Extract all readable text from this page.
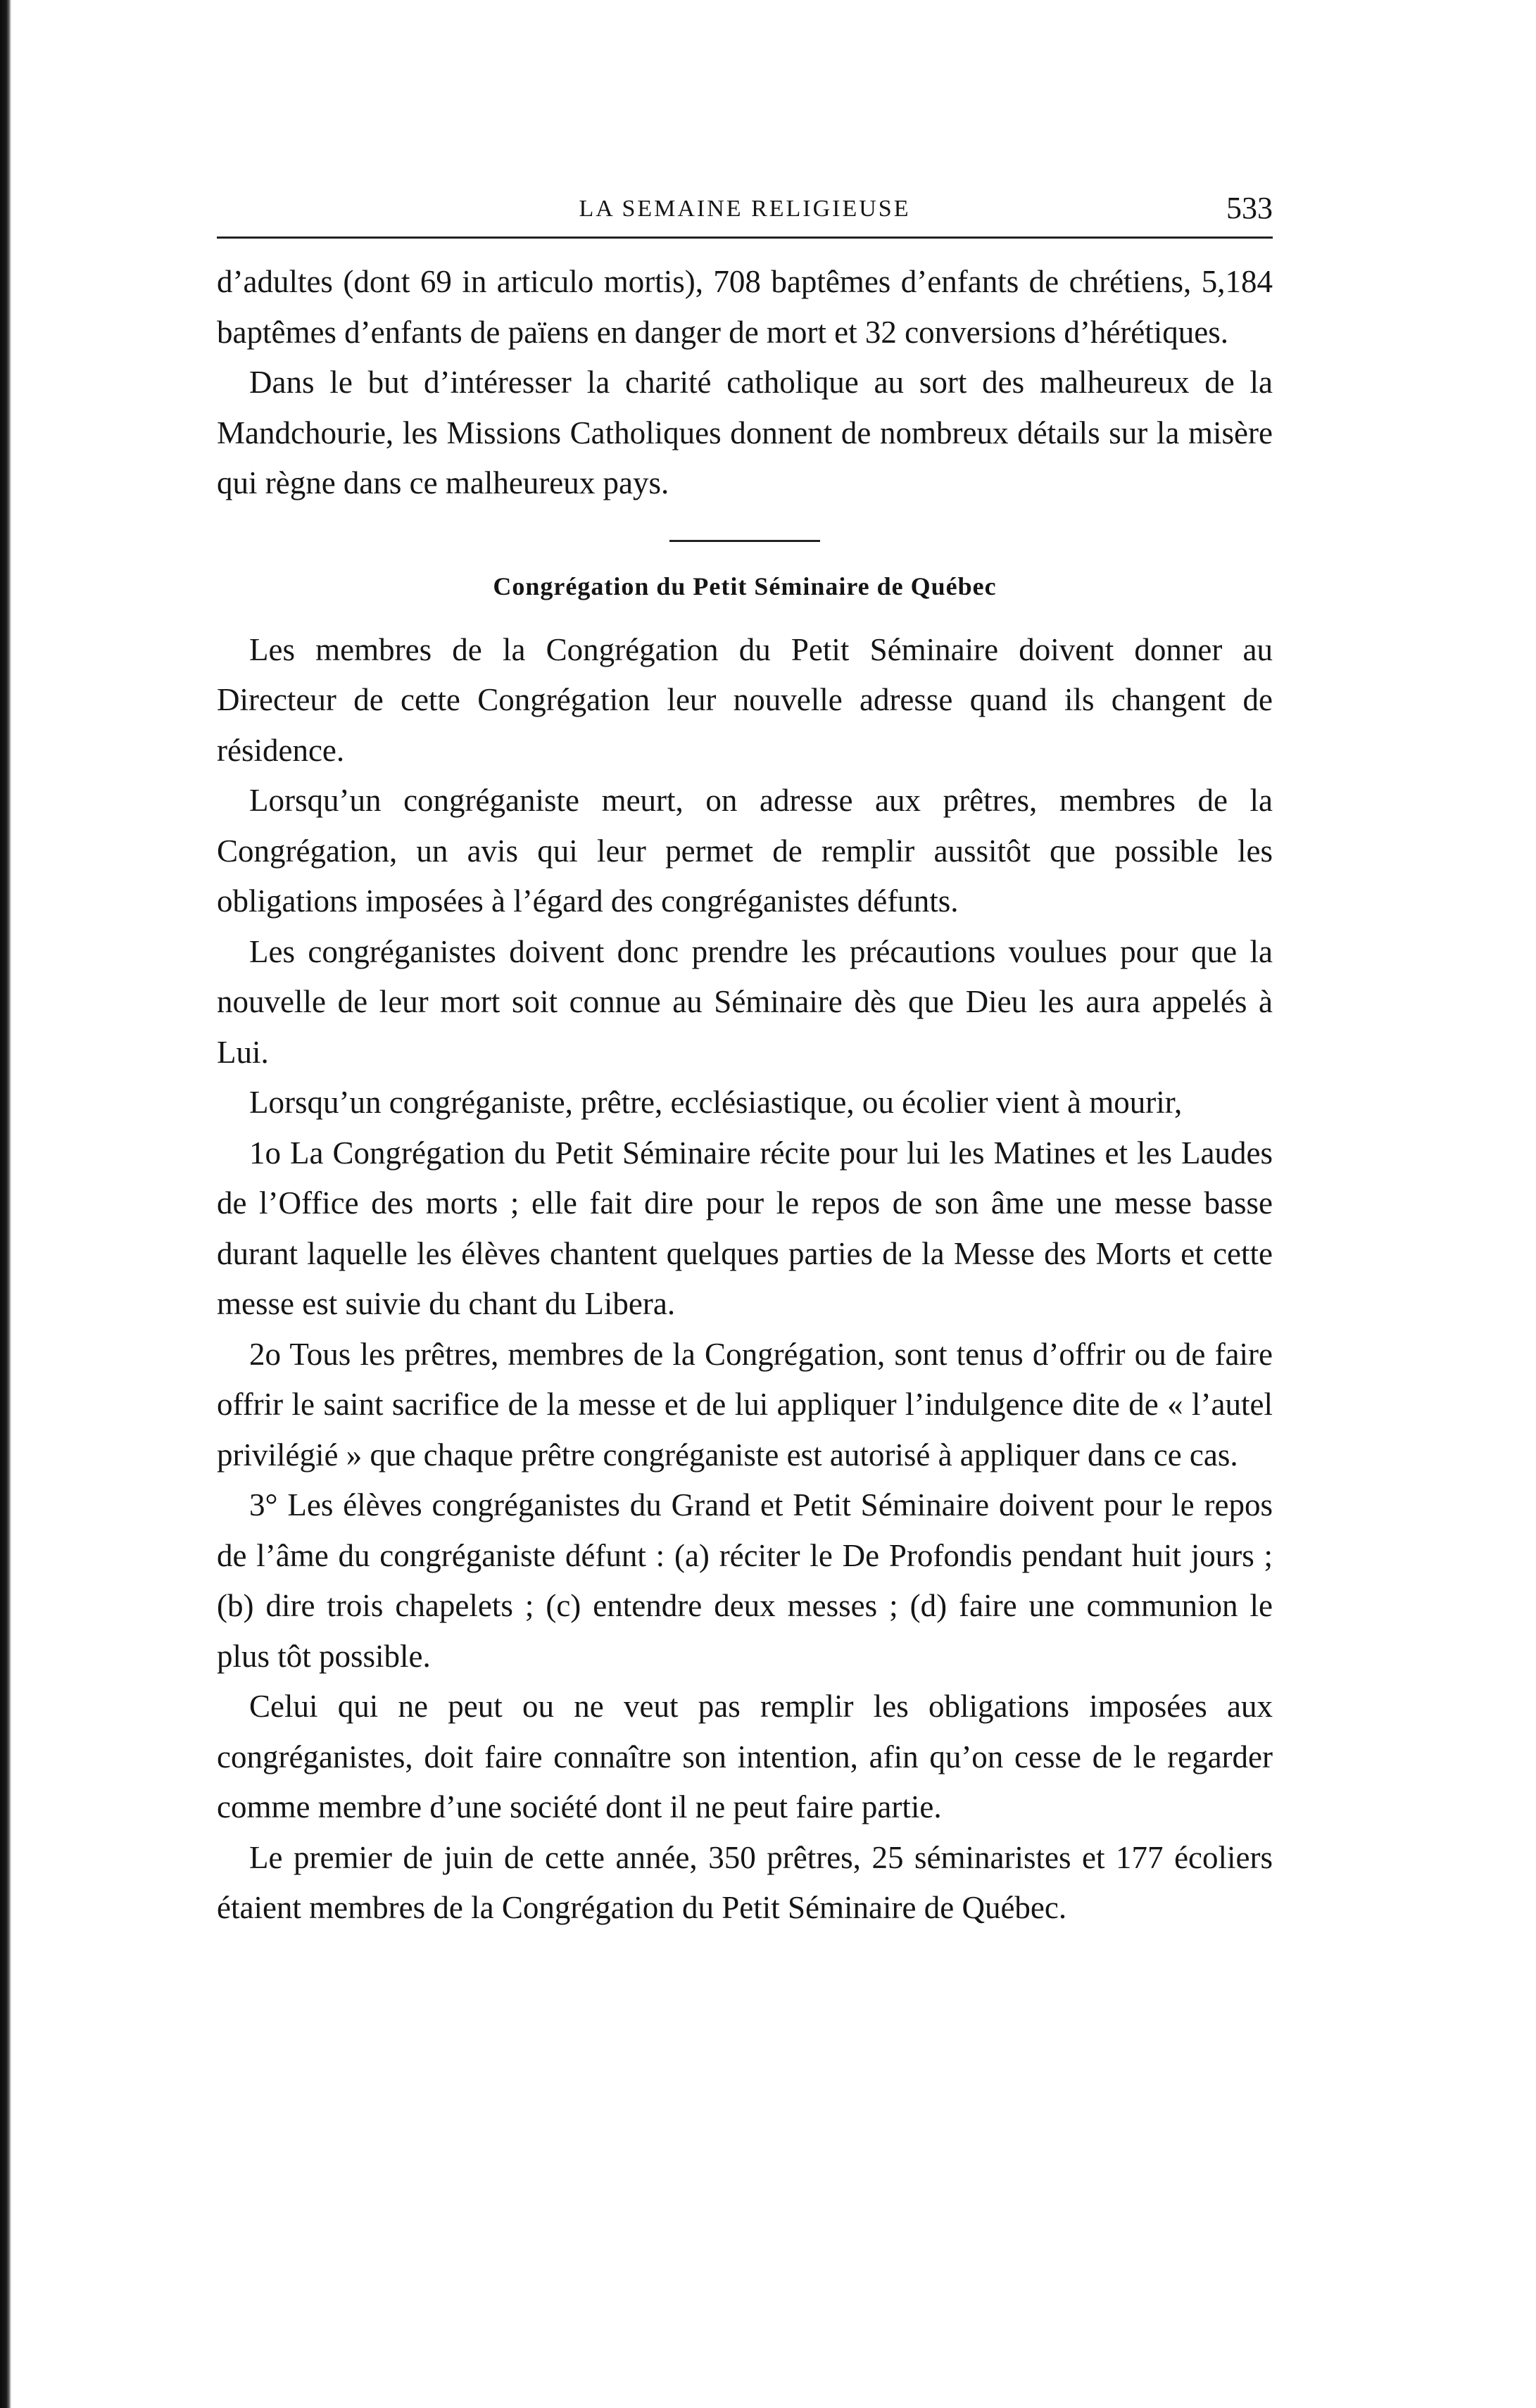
LA SEMAINE RELIGIEUSE	533

d’adultes (dont 69 in articulo mortis), 708 baptêmes d’enfants de chrétiens, 5,184 baptêmes d’enfants de païens en danger de mort et 32 conversions d’hérétiques.

Dans le but d’intéresser la charité catholique au sort des malheureux de la Mandchourie, les Missions Catholiques donnent de nombreux détails sur la misère qui règne dans ce malheureux pays.

Congrégation du Petit Séminaire de Québec

Les membres de la Congrégation du Petit Séminaire doivent donner au Directeur de cette Congrégation leur nouvelle adresse quand ils changent de résidence.

Lorsqu’un congréganiste meurt, on adresse aux prêtres, membres de la Congrégation, un avis qui leur permet de remplir aussitôt que possible les obligations imposées à l’égard des congréganistes défunts.

Les congréganistes doivent donc prendre les précautions voulues pour que la nouvelle de leur mort soit connue au Séminaire dès que Dieu les aura appelés à Lui.

Lorsqu’un congréganiste, prêtre, ecclésiastique, ou écolier vient à mourir,

1o La Congrégation du Petit Séminaire récite pour lui les Matines et les Laudes de l’Office des morts ; elle fait dire pour le repos de son âme une messe basse durant laquelle les élèves chantent quelques parties de la Messe des Morts et cette messe est suivie du chant du Libera.

2o Tous les prêtres, membres de la Congrégation, sont tenus d’offrir ou de faire offrir le saint sacrifice de la messe et de lui appliquer l’indulgence dite de « l’autel privilégié » que chaque prêtre congréganiste est autorisé à appliquer dans ce cas.

3° Les élèves congréganistes du Grand et Petit Séminaire doivent pour le repos de l’âme du congréganiste défunt : (a) réciter le De Profondis pendant huit jours ; (b) dire trois chapelets ; (c) entendre deux messes ; (d) faire une communion le plus tôt possible.

Celui qui ne peut ou ne veut pas remplir les obligations imposées aux congréganistes, doit faire connaître son intention, afin qu’on cesse de le regarder comme membre d’une société dont il ne peut faire partie.

Le premier de juin de cette année, 350 prêtres, 25 séminaristes et 177 écoliers étaient membres de la Congrégation du Petit Séminaire de Québec.
